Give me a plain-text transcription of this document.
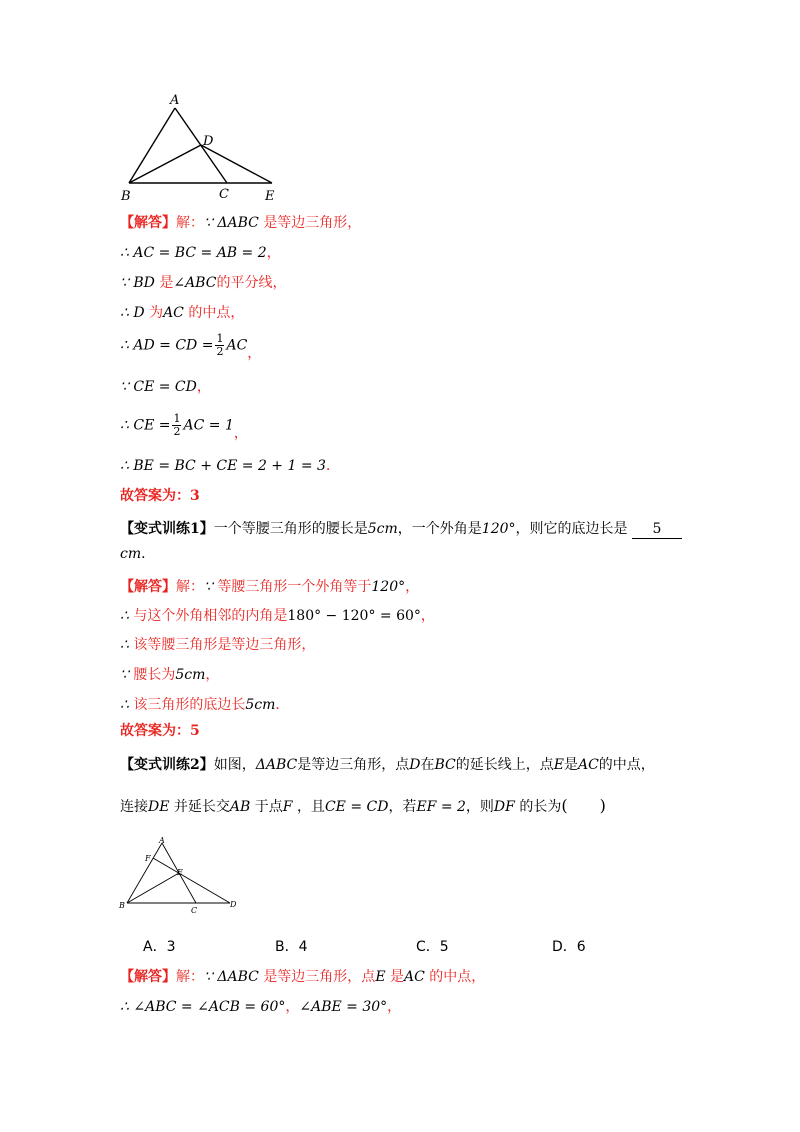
A
D
B	C	E
【解答】解：∵ ΔABC 是等边三角形，
∴ AC = BC = AB = 2，
∵ BD 是∠ABC的平分线，
∴ D 为AC 的中点，
∴ AD = CD = $\frac{1}{2}$ AC，
∵ CE = CD，
∴ CE = $\frac{1}{2}$ AC = 1，
∴ BE = BC + CE = 2 + 1 = 3．
故答案为：3
【变式训练1】一个等腰三角形的腰长是5cm，一个外角是120°，则它的底边长是 5
cm．
【解答】解：∵ 等腰三角形一个外角等于120°，
∴ 与这个外角相邻的内角是180° − 120° = 60°，
∴ 该等腰三角形是等边三角形，
∵ 腰长为5cm，
∴ 该三角形的底边长5cm．
故答案为：5
【变式训练2】如图，ΔABC是等边三角形，点D在BC的延长线上，点E是AC的中点，
连接DE 并延长交AB 于点F ，且CE = CD，若EF = 2，则DF 的长为(　　)
A
F
E
B
C
D
A．3	B．4	C．5	D．6
【解答】解：∵ ΔABC 是等边三角形，点E 是AC 的中点，
∴ ∠ABC = ∠ACB = 60°，∠ABE = 30°，
